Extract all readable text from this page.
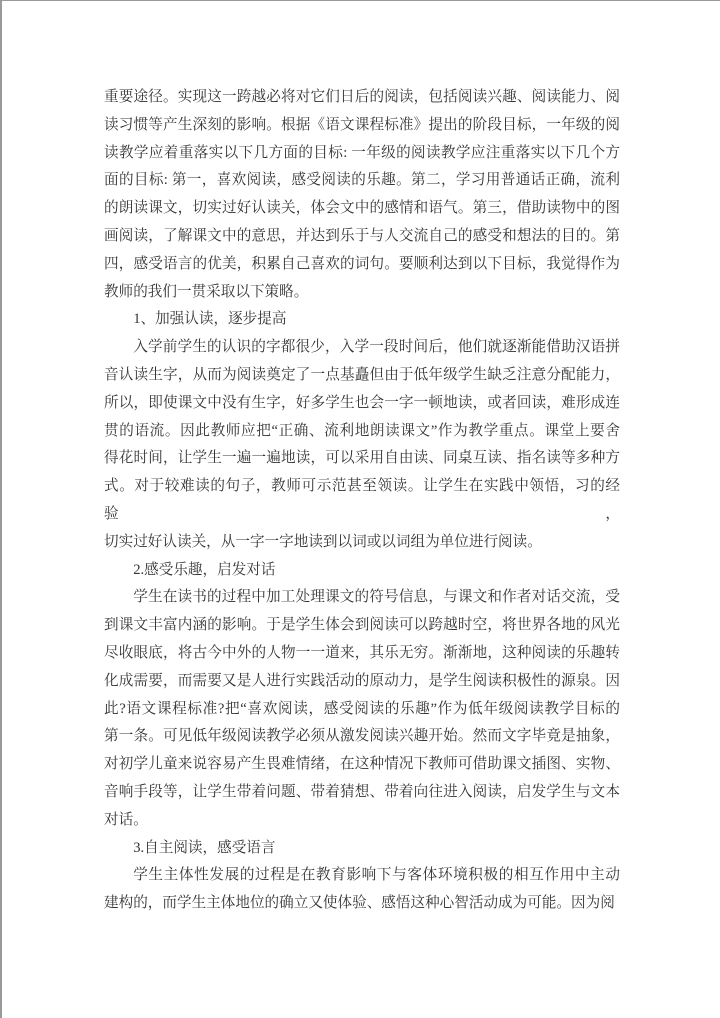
重要途径。实现这一跨越必将对它们日后的阅读，包括阅读兴趣、阅读能力、阅
读习惯等产生深刻的影响。根据《语文课程标准》提出的阶段目标，一年级的阅
读教学应着重落实以下几方面的目标: 一年级的阅读教学应注重落实以下几个方
面的目标: 第一，喜欢阅读，感受阅读的乐趣。第二，学习用普通话正确，流利
的朗读课文，切实过好认读关，体会文中的感情和语气。第三，借助读物中的图
画阅读，了解课文中的意思，并达到乐于与人交流自己的感受和想法的目的。第
四，感受语言的优美，积累自己喜欢的词句。要顺利达到以下目标，我觉得作为
教师的我们一贯采取以下策略。
1、加强认读，逐步提高
入学前学生的认识的字都很少，入学一段时间后，他们就逐渐能借助汉语拼
音认读生字，从而为阅读奠定了一点基矗但由于低年级学生缺乏注意分配能力，
所以，即使课文中没有生字，好多学生也会一字一顿地读，或者回读，难形成连
贯的语流。因此教师应把“正确、流利地朗读课文”作为教学重点。课堂上要舍
得花时间，让学生一遍一遍地读，可以采用自由读、同桌互读、指名读等多种方
式。对于较难读的句子，教师可示范甚至领读。让学生在实践中领悟，习的经验，
切实过好认读关，从一字一字地读到以词或以词组为单位进行阅读。
2.感受乐趣，启发对话
学生在读书的过程中加工处理课文的符号信息，与课文和作者对话交流，受
到课文丰富内涵的影响。于是学生体会到阅读可以跨越时空，将世界各地的风光
尽收眼底，将古今中外的人物一一道来，其乐无穷。渐渐地，这种阅读的乐趣转
化成需要，而需要又是人进行实践活动的原动力，是学生阅读积极性的源泉。因
此?语文课程标准?把“喜欢阅读，感受阅读的乐趣”作为低年级阅读教学目标的
第一条。可见低年级阅读教学必须从激发阅读兴趣开始。然而文字毕竟是抽象，
对初学儿童来说容易产生畏难情绪，在这种情况下教师可借助课文插图、实物、
音响手段等，让学生带着问题、带着猜想、带着向往进入阅读，启发学生与文本
对话。
3.自主阅读，感受语言
学生主体性发展的过程是在教育影响下与客体环境积极的相互作用中主动
建构的，而学生主体地位的确立又使体验、感悟这种心智活动成为可能。因为阅
